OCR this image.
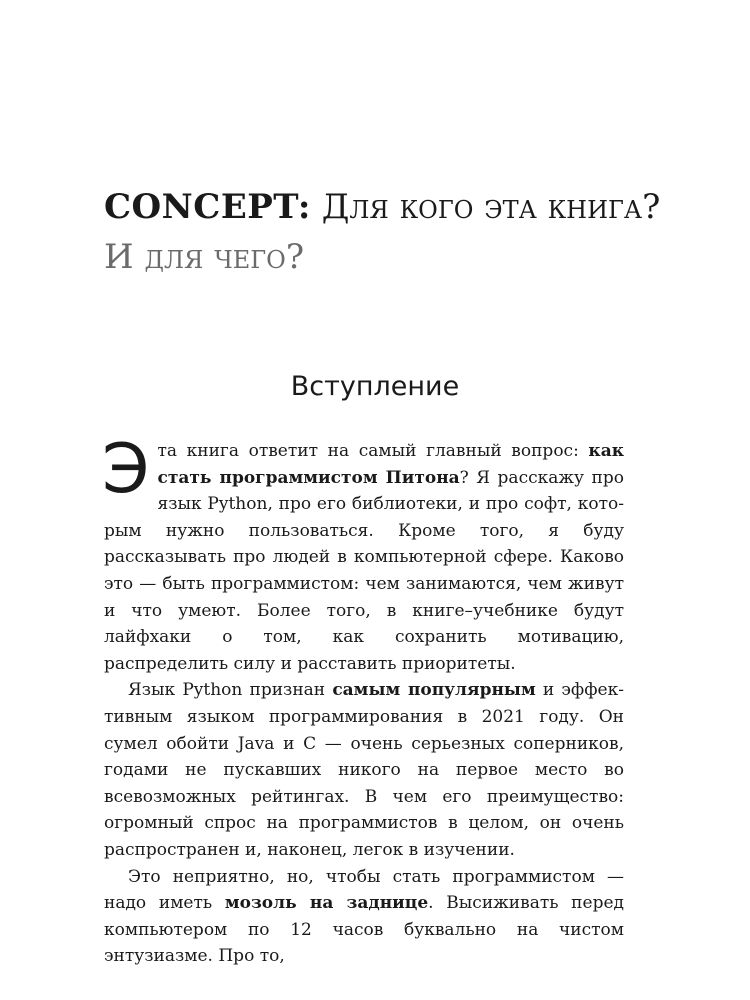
CONCEPT: Для кого эта книга?
И для чего?
Вступление

Эта книга ответит на самый главный вопрос: как стать программистом Питона? Я расскажу про язык Python, про его библиотеки, и про софт, которым нужно пользоваться. Кроме того, я буду рассказывать про людей в компьютерной сфере. Каково это — быть программистом: чем занимаются, чем живут и что умеют. Более того, в книге–учебнике будут лайфхаки о том, как сохранить мотивацию, распределить силу и расставить приоритеты.

Язык Python признан самым популярным и эффективным языком программирования в 2021 году. Он сумел обойти Java и С — очень серьезных соперников, годами не пускавших никого на первое место во всевозможных рейтингах. В чем его преимущество: огромный спрос на программистов в целом, он очень распространен и, наконец, легок в изучении.

Это неприятно, но, чтобы стать программистом — надо иметь мозоль на заднице. Высиживать перед компьютером по 12 часов буквально на чистом энтузиазме. Про то,
